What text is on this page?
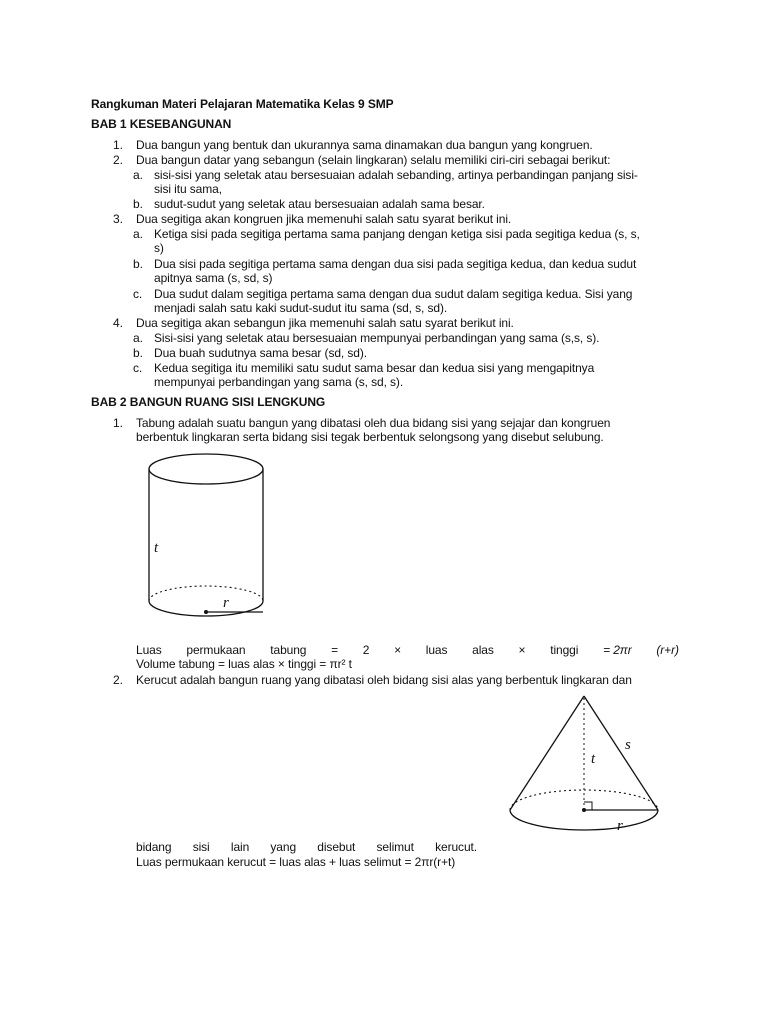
Rangkuman Materi Pelajaran Matematika Kelas 9 SMP
BAB 1 KESEBANGUNAN
1. Dua bangun yang bentuk dan ukurannya sama dinamakan dua bangun yang kongruen.
2. Dua bangun datar yang sebangun (selain lingkaran) selalu memiliki ciri-ciri sebagai berikut:
a. sisi-sisi yang seletak atau bersesuaian adalah sebanding, artinya perbandingan panjang sisi-
sisi itu sama,
b. sudut-sudut yang seletak atau bersesuaian adalah sama besar.
3. Dua segitiga akan kongruen jika memenuhi salah satu syarat berikut ini.
a. Ketiga sisi pada segitiga pertama sama panjang dengan ketiga sisi pada segitiga kedua (s, s,
s)
b. Dua sisi pada segitiga pertama sama dengan dua sisi pada segitiga kedua, dan kedua sudut
apitnya sama (s, sd, s)
c. Dua sudut dalam segitiga pertama sama dengan dua sudut dalam segitiga kedua. Sisi yang
menjadi salah satu kaki sudut-sudut itu sama (sd, s, sd).
4. Dua segitiga akan sebangun jika memenuhi salah satu syarat berikut ini.
a. Sisi-sisi yang seletak atau bersesuaian mempunyai perbandingan yang sama (s,s, s).
b. Dua buah sudutnya sama besar (sd, sd).
c. Kedua segitiga itu memiliki satu sudut sama besar dan kedua sisi yang mengapitnya
mempunyai perbandingan yang sama (s, sd, s).
BAB 2 BANGUN RUANG SISI LENGKUNG
1. Tabung adalah suatu bangun yang dibatasi oleh dua bidang sisi yang sejajar dan kongruen
berbentuk lingkaran serta bidang sisi tegak berbentuk selongsong yang disebut selubung.
t
r
Luas permukaan tabung = 2 × luas alas × tinggi = 2πr (r+r)
Volume tabung = luas alas × tinggi = πr² t
2. Kerucut adalah bangun ruang yang dibatasi oleh bidang sisi alas yang berbentuk lingkaran dan
s
t
r
bidang sisi lain yang disebut selimut kerucut.
Luas permukaan kerucut = luas alas + luas selimut = 2πr(r+t)
